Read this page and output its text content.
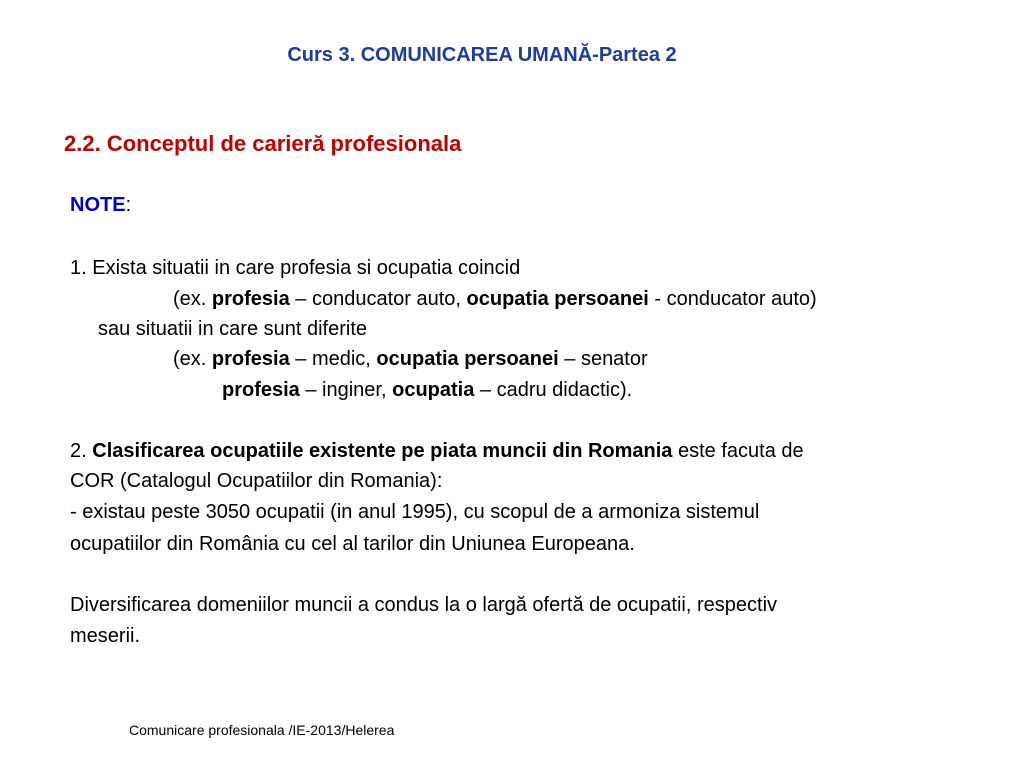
Curs 3. COMUNICAREA UMANĂ-Partea 2
2.2. Conceptul de carieră profesionala
NOTE:
1. Exista situatii in care profesia si ocupatia coincid
(ex. profesia – conducator auto, ocupatia persoanei - conducator auto)
sau situatii in care sunt diferite
(ex. profesia – medic, ocupatia persoanei – senator
profesia – inginer, ocupatia – cadru didactic).
2. Clasificarea ocupatiile existente pe piata muncii din Romania este facuta de
COR (Catalogul Ocupatiilor din Romania):
- existau peste 3050 ocupatii (in anul 1995), cu scopul de a armoniza sistemul
ocupatiilor din România cu cel al tarilor din Uniunea Europeana.
Diversificarea domeniilor muncii a condus la o largă ofertă de ocupatii, respectiv
meserii.
Comunicare profesionala /IE-2013/Helerea
